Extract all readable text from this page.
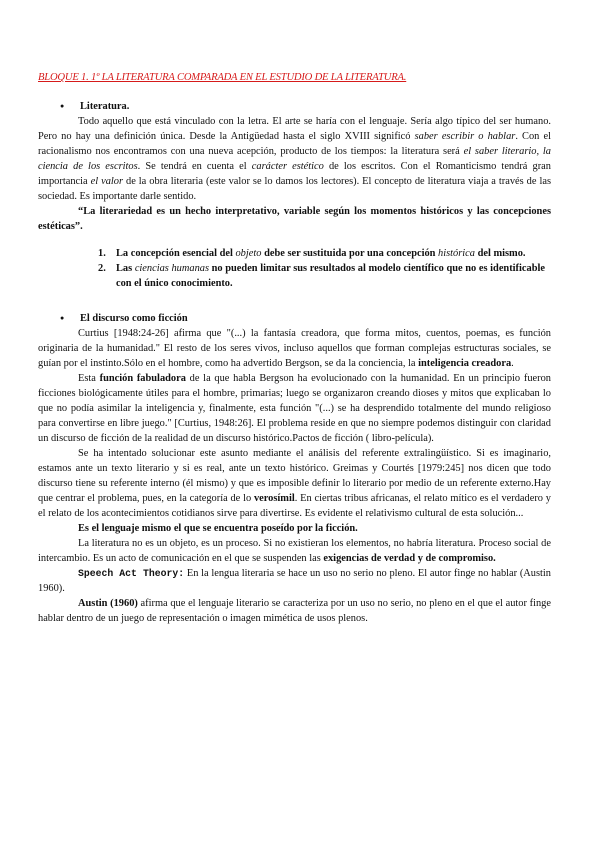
BLOQUE 1. 1º LA LITERATURA COMPARADA EN EL ESTUDIO DE LA LITERATURA.

● Literatura.

Todo aquello que está vinculado con la letra. El arte se haría con el lenguaje. Sería algo típico del ser humano. Pero no hay una definición única. Desde la Antigüedad hasta el siglo XVIII significó saber escribir o hablar. Con el racionalismo nos encontramos con una nueva acepción, producto de los tiempos: la literatura será el saber literario, la ciencia de los escritos. Se tendrá en cuenta el carácter estético de los escritos. Con el Romanticismo tendrá gran importancia el valor de la obra literaria (este valor se lo damos los lectores). El concepto de literatura viaja a través de las sociedad. Es importante darle sentido.

“La literariedad es un hecho interpretativo, variable según los momentos históricos y las concepciones estéticas”.

1. La concepción esencial del objeto debe ser sustituida por una concepción histórica del mismo.
2. Las ciencias humanas no pueden limitar sus resultados al modelo científico que no es identificable con el único conocimiento.

● El discurso como ficción

Curtius [1948:24-26] afirma que "(...) la fantasía creadora, que forma mitos, cuentos, poemas, es función originaria de la humanidad." El resto de los seres vivos, incluso aquellos que forman complejas estructuras sociales, se guían por el instinto.Sólo en el hombre, como ha advertido Bergson, se da la conciencia, la inteligencia creadora.

Esta función fabuladora de la que habla Bergson ha evolucionado con la humanidad. En un principio fueron ficciones biológicamente útiles para el hombre, primarias; luego se organizaron creando dioses y mitos que explicaban lo que no podía asimilar la inteligencia y, finalmente, esta función "(...) se ha desprendido totalmente del mundo religioso para convertirse en libre juego." [Curtius, 1948:26]. El problema reside en que no siempre podemos distinguir con claridad un discurso de ficción de la realidad de un discurso histórico.Pactos de ficción ( libro-película).

Se ha intentado solucionar este asunto mediante el análisis del referente extralingüístico. Si es imaginario, estamos ante un texto literario y si es real, ante un texto histórico. Greimas y Courtés [1979:245] nos dicen que todo discurso tiene su referente interno (él mismo) y que es imposible definir lo literario por medio de un referente externo.Hay que centrar el problema, pues, en la categoría de lo verosímil. En ciertas tribus africanas, el relato mítico es el verdadero y el relato de los acontecimientos cotidianos sirve para divertirse. Es evidente el relativismo cultural de esta solución...

Es el lenguaje mismo el que se encuentra poseído por la ficción.

La literatura no es un objeto, es un proceso. Si no existieran los elementos, no habría literatura. Proceso social de intercambio. Es un acto de comunicación en el que se suspenden las exigencias de verdad y de compromiso.

Speech Act Theory: En la lengua literaria se hace un uso no serio no pleno. El autor finge no hablar (Austin 1960).

Austin (1960) afirma que el lenguaje literario se caracteriza por un uso no serio, no pleno en el que el autor finge hablar dentro de un juego de representación o imagen mimética de usos plenos.
